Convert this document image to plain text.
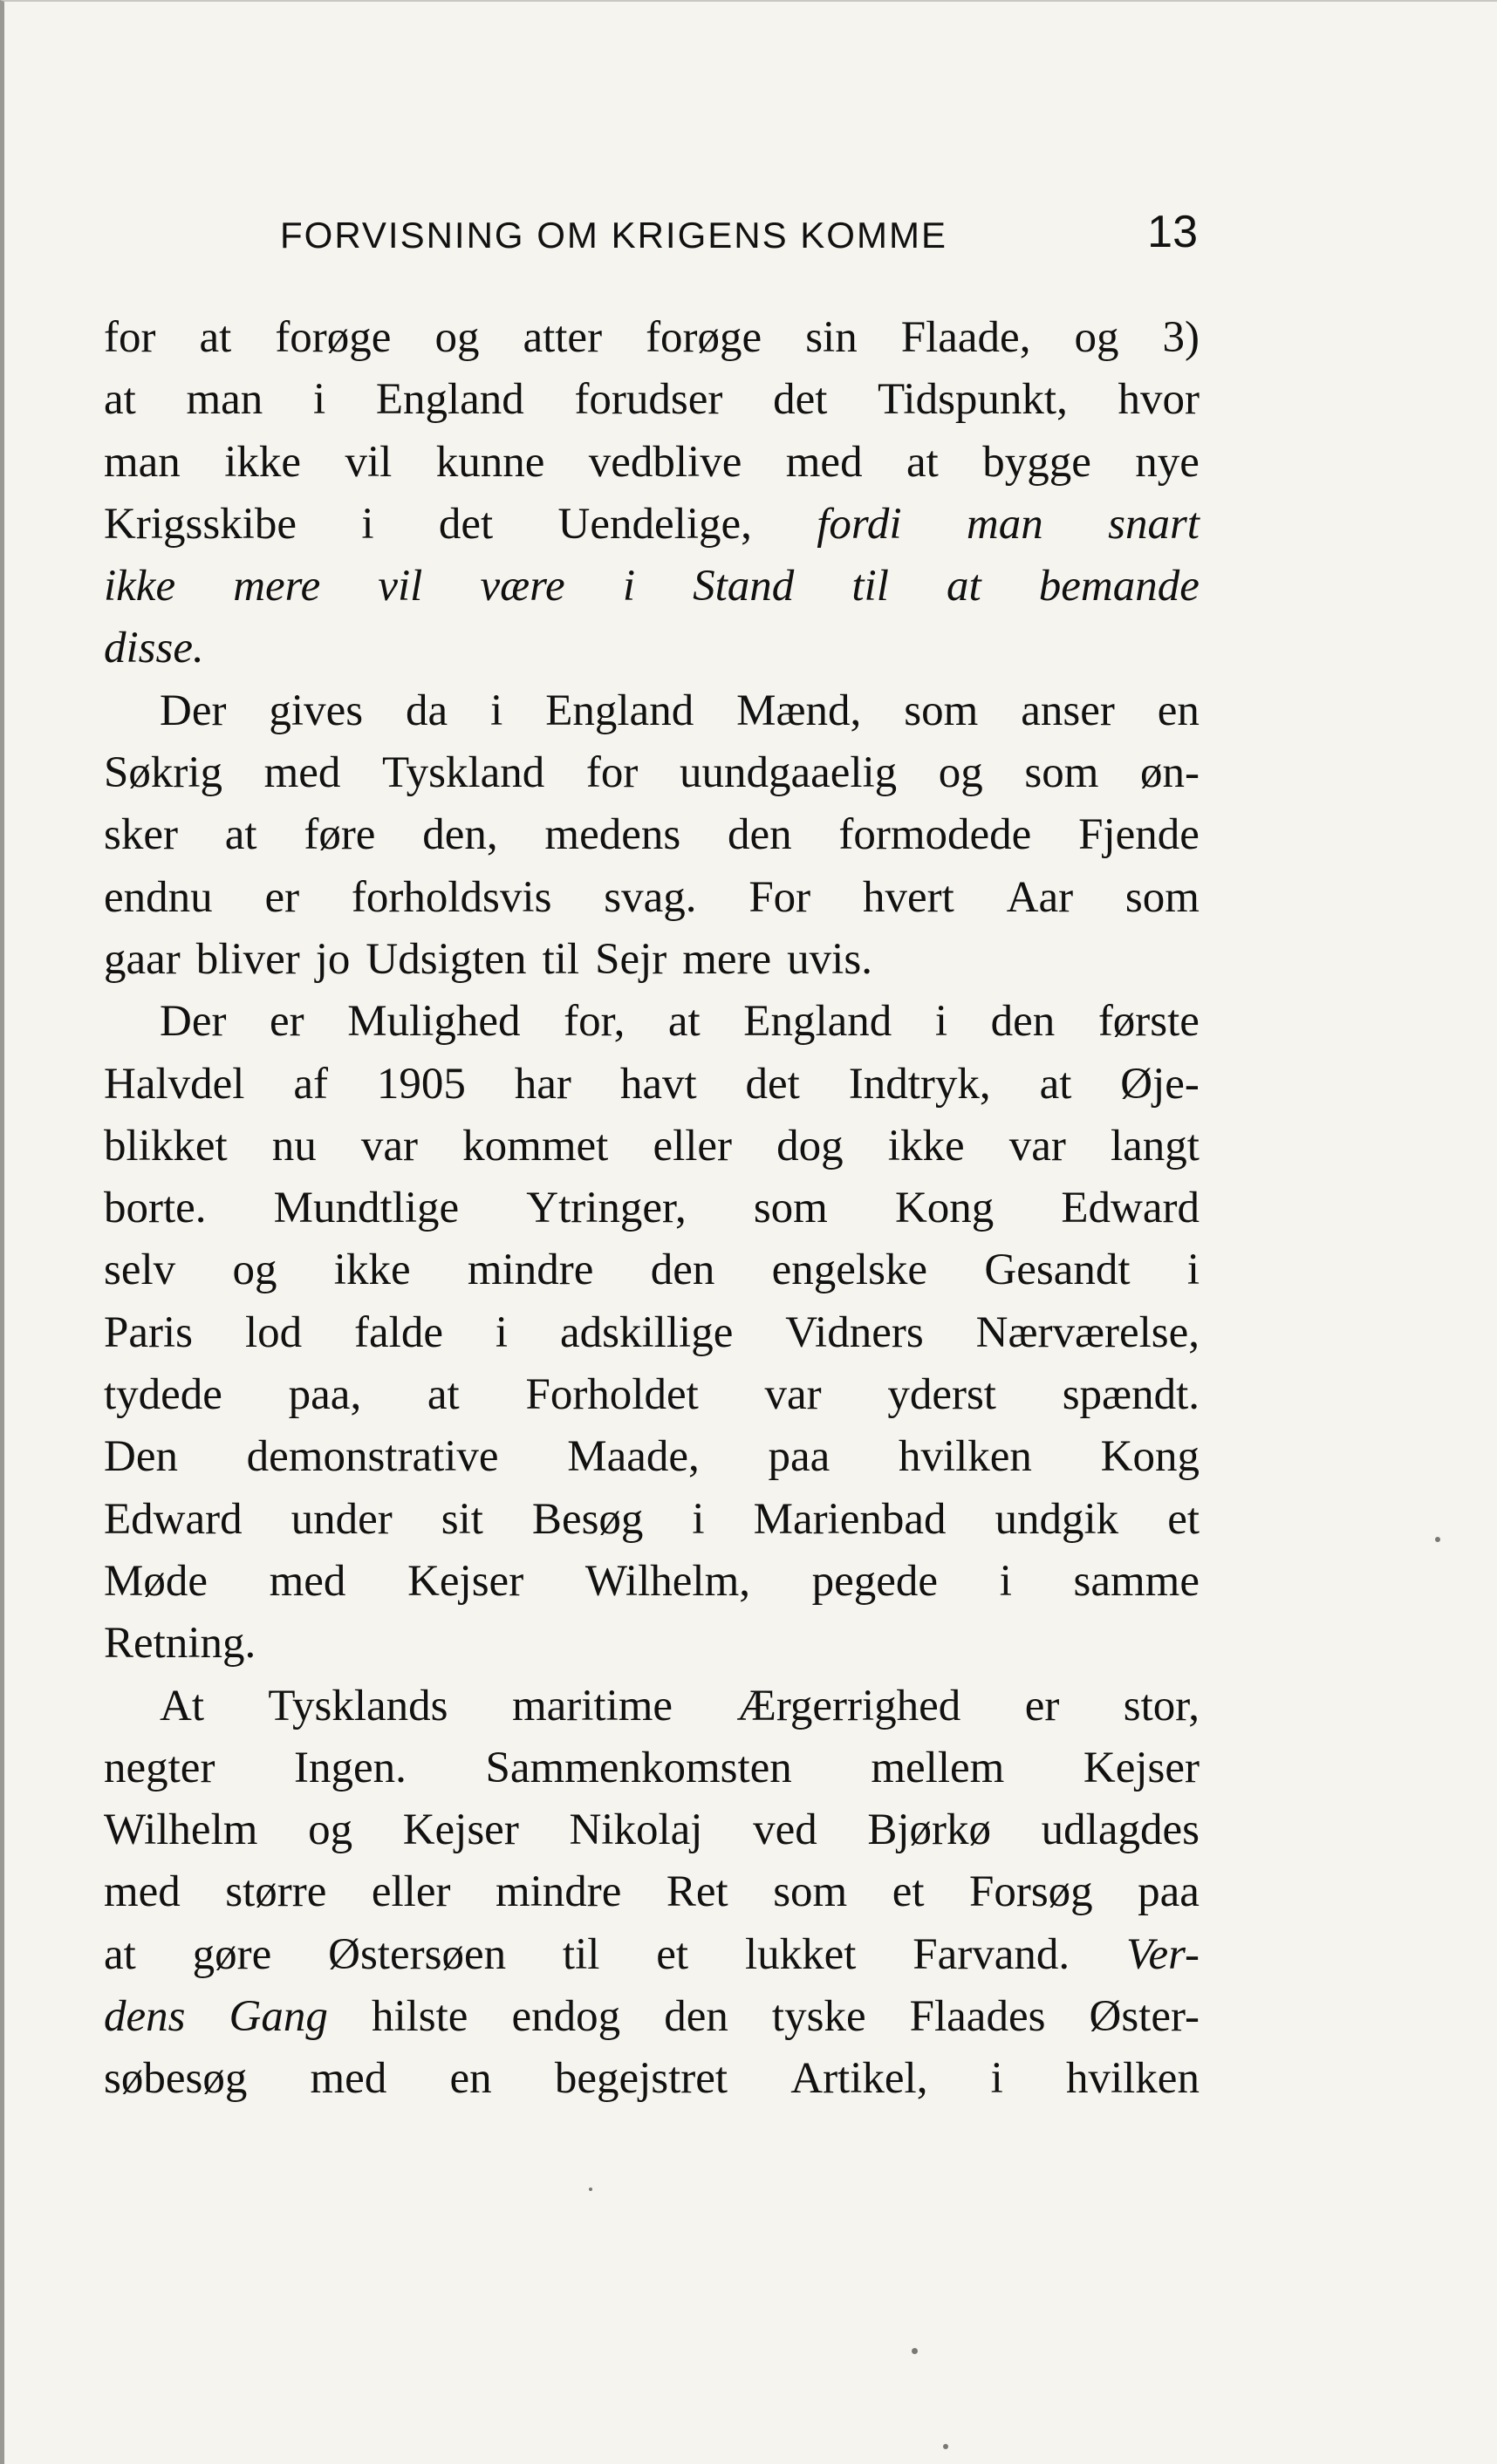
FORVISNING OM KRIGENS KOMME	13
for at forøge og atter forøge sin Flaade, og 3)
at man i England forudser det Tidspunkt, hvor
man ikke vil kunne vedblive med at bygge nye
Krigsskibe i det Uendelige, fordi man snart
ikke mere vil være i Stand til at bemande
disse.
Der gives da i England Mænd, som anser en
Søkrig med Tyskland for uundgaaelig og som øn-
sker at føre den, medens den formodede Fjende
endnu er forholdsvis svag. For hvert Aar som
gaar bliver jo Udsigten til Sejr mere uvis.
Der er Mulighed for, at England i den første
Halvdel af 1905 har havt det Indtryk, at Øje-
blikket nu var kommet eller dog ikke var langt
borte. Mundtlige Ytringer, som Kong Edward
selv og ikke mindre den engelske Gesandt i
Paris lod falde i adskillige Vidners Nærværelse,
tydede paa, at Forholdet var yderst spændt.
Den demonstrative Maade, paa hvilken Kong
Edward under sit Besøg i Marienbad undgik et
Møde med Kejser Wilhelm, pegede i samme
Retning.
At Tysklands maritime Ærgerrighed er stor,
negter Ingen. Sammenkomsten mellem Kejser
Wilhelm og Kejser Nikolaj ved Bjørkø udlagdes
med større eller mindre Ret som et Forsøg paa
at gøre Østersøen til et lukket Farvand. Ver-
dens Gang hilste endog den tyske Flaades Øster-
søbesøg med en begejstret Artikel, i hvilken
